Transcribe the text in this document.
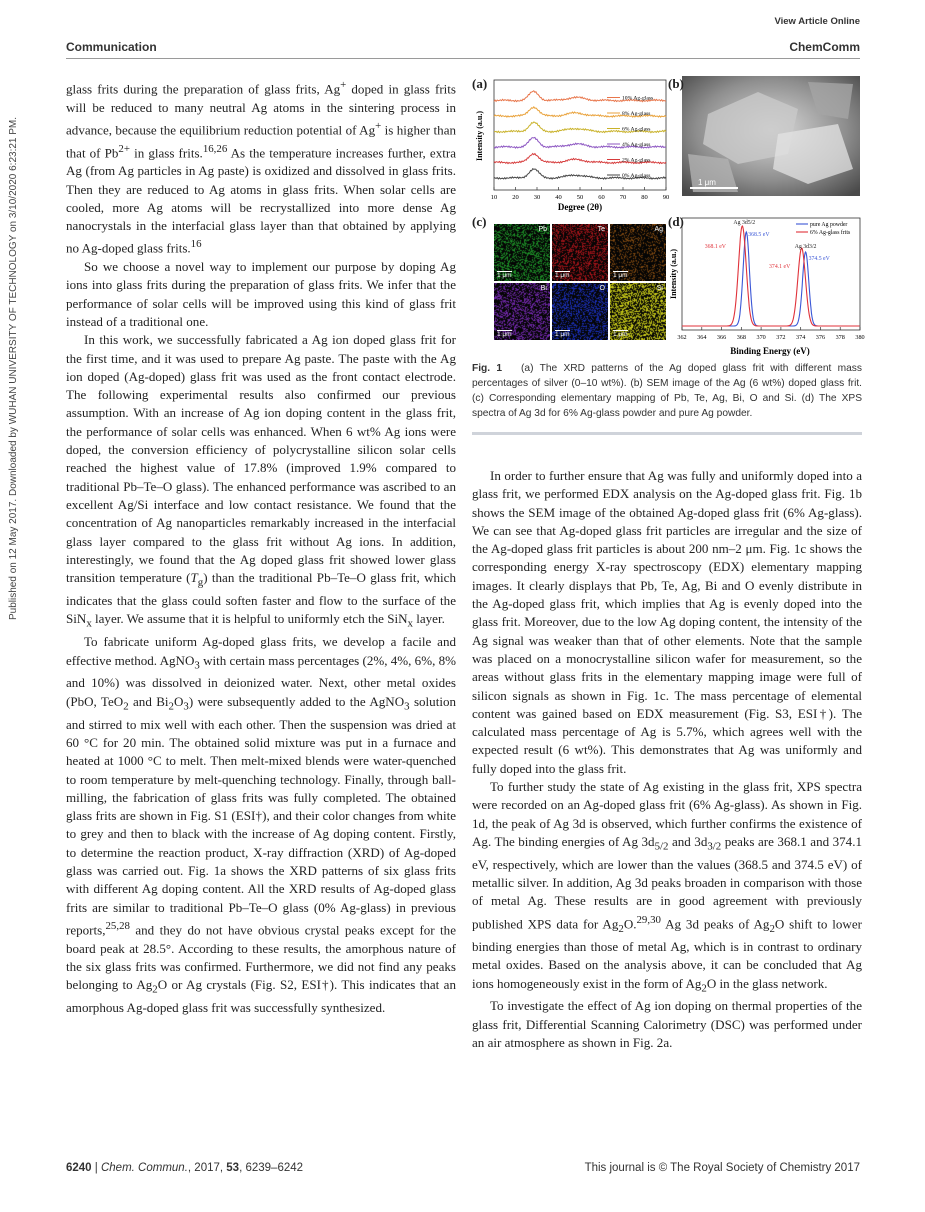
View Article Online
Communication	ChemComm
Published on 12 May 2017. Downloaded by WUHAN UNIVERSITY OF TECHNOLOGY on 3/10/2020 6:23:21 PM.

glass frits during the preparation of glass frits, Ag+ doped in glass frits will be reduced to many neutral Ag atoms in the sintering process in advance, because the equilibrium reduction potential of Ag+ is higher than that of $Pb^{2+}$ in glass frits.$^{16,26}$ As the temperature increases further, extra Ag (from Ag particles in Ag paste) is oxidized and dissolved in glass frits. Then they are reduced to Ag atoms in glass frits. When solar cells are cooled, more Ag atoms will be recrystallized into more dense Ag nanocrystals in the interfacial glass layer than that obtained by applying no Ag-doped glass frits.$^{16}$

So we choose a novel way to implement our purpose by doping Ag ions into glass frits during the preparation of glass frits. We infer that the performance of solar cells will be improved using this kind of glass frit instead of a traditional one.

In this work, we successfully fabricated a Ag ion doped glass frit for the first time, and it was used to prepare Ag paste. The paste with the Ag ion doped (Ag-doped) glass frit was used as the front contact electrode. The following experimental results also confirmed our previous assumption. With an increase of Ag ion doping content in the glass frit, the performance of solar cells was enhanced. When 6 wt% Ag ions were doped, the conversion efficiency of polycrystalline silicon solar cells reached the highest value of 17.8% (improved 1.9% compared to traditional Pb–Te–O glass). The enhanced performance was ascribed to an excellent Ag/Si interface and low contact resistance. We found that the concentration of Ag nanoparticles remarkably increased in the interfacial glass layer compared to the glass frit without Ag ions. In addition, interestingly, we found that the Ag doped glass frit showed lower glass transition temperature $(T_g)$ than the traditional Pb–Te–O glass frit, which indicates that the glass could soften faster and flow to the surface of the SiN$_x$ layer. We assume that it is helpful to uniformly etch the SiN$_x$ layer.

To fabricate uniform Ag-doped glass frits, we develop a facile and effective method. AgNO$_3$ with certain mass percentages (2%, 4%, 6%, 8% and 10%) was dissolved in deionized water. Next, other metal oxides (PbO, TeO$_2$ and $Bi_2O_3$) were subsequently added to the AgNO$_3$ solution and stirred to mix well with each other. Then the suspension was dried at 60 °C for 20 min. The obtained solid mixture was put in a furnace and heated at 1000 °C to melt. Then melt-mixed blends were water-quenched to room temperature by melt-quenching technology. Finally, through ball-milling, the fabrication of glass frits was fully completed. The obtained glass frits are shown in Fig. S1 (ESI†), and their color changes from white to grey and then to black with the increase of Ag doping content. Firstly, to determine the reaction product, X-ray diffraction (XRD) of Ag-doped glass was carried out. Fig. 1a shows the XRD patterns of six glass frits with different Ag doping content. All the XRD results of Ag-doped glass frits are similar to traditional Pb–Te–O glass (0% Ag-glass) in previous reports,$^{25,28}$ and they do not have obvious crystal peaks except for the board peak at 28.5°. According to these results, the amorphous nature of the six glass frits was confirmed. Furthermore, we did not find any peaks belonging to $Ag_2O$ or Ag crystals (Fig. S2, ESI†). This indicates that an amorphous Ag-doped glass frit was successfully synthesized.

(a)
10% Ag-glass
8% Ag-glass
6% Ag-glass
4% Ag-glass
2% Ag-glass
0% Ag-glass
10 20 30 40 50 60 70 80 90
Intensity (a.u.)
Degree (2θ)
1 μm
(b)
(c)
Pb
1 μm
Te
1 μm
Ag
1 μm
Bi
1 μm
O
1 μm
Si
1 μm
(d)
362 364 366 368 370 372 374 376 378 380
pure Ag powder
6% Ag-glass frits
Ag 3d5/2
Ag 3d3/2
368.5 eV
368.1 eV
374.5 eV
374.1 eV
Intensity (a.u.)
Binding Energy (eV)
Fig. 1 (a) The XRD patterns of the Ag doped glass frit with different mass percentages of silver (0–10 wt%). (b) SEM image of the Ag (6 wt%) doped glass frit. (c) Corresponding elementary mapping of Pb, Te, Ag, Bi, O and Si. (d) The XPS spectra of Ag 3d for 6% Ag-glass powder and pure Ag powder.

In order to further ensure that Ag was fully and uniformly doped into a glass frit, we performed EDX analysis on the Ag-doped glass frit. Fig. 1b shows the SEM image of the obtained Ag-doped glass frit (6% Ag-glass). We can see that Ag-doped glass frit particles are irregular and the size of the Ag-doped glass frit particles is about 200 nm–2 μm. Fig. 1c shows the corresponding energy X-ray spectroscopy (EDX) elementary mapping images. It clearly displays that Pb, Te, Ag, Bi and O evenly distribute in the Ag-doped glass frit, which implies that Ag is evenly doped into the glass frit. Moreover, due to the low Ag doping content, the intensity of the Ag signal was weaker than that of other elements. Note that the sample was placed on a monocrystalline silicon wafer for measurement, so the areas without glass frits in the elementary mapping image were full of silicon signals as shown in Fig. 1c. The mass percentage of elemental content was gained based on EDX measurement (Fig. S3, ESI†). The calculated mass percentage of Ag is 5.7%, which agrees well with the expected result (6 wt%). This demonstrates that Ag was uniformly and fully doped into the glass frit.

To further study the state of Ag existing in the glass frit, XPS spectra were recorded on an Ag-doped glass frit (6% Ag-glass). As shown in Fig. 1d, the peak of Ag 3d is observed, which further confirms the existence of Ag. The binding energies of Ag $3d_{5/2}$ and $3d_{3/2}$ peaks are 368.1 and 374.1 eV, respectively, which are lower than the values (368.5 and 374.5 eV) of metallic silver. In addition, Ag 3d peaks broaden in comparison with those of metal Ag. These results are in good agreement with previously published XPS data for $Ag_2O.^{29,30}$ Ag 3d peaks of $Ag_2O$ shift to lower binding energies than those of metal Ag, which is in contrast to ordinary metal oxides. Based on the analysis above, it can be concluded that Ag ions homogeneously exist in the form of $Ag_2O$ in the glass network.

To investigate the effect of Ag ion doping on thermal properties of the glass frit, Differential Scanning Calorimetry (DSC) was performed under an air atmosphere as shown in Fig. 2a.

6240 | Chem. Commun., 2017, 53, 6239–6242	This journal is © The Royal Society of Chemistry 2017
